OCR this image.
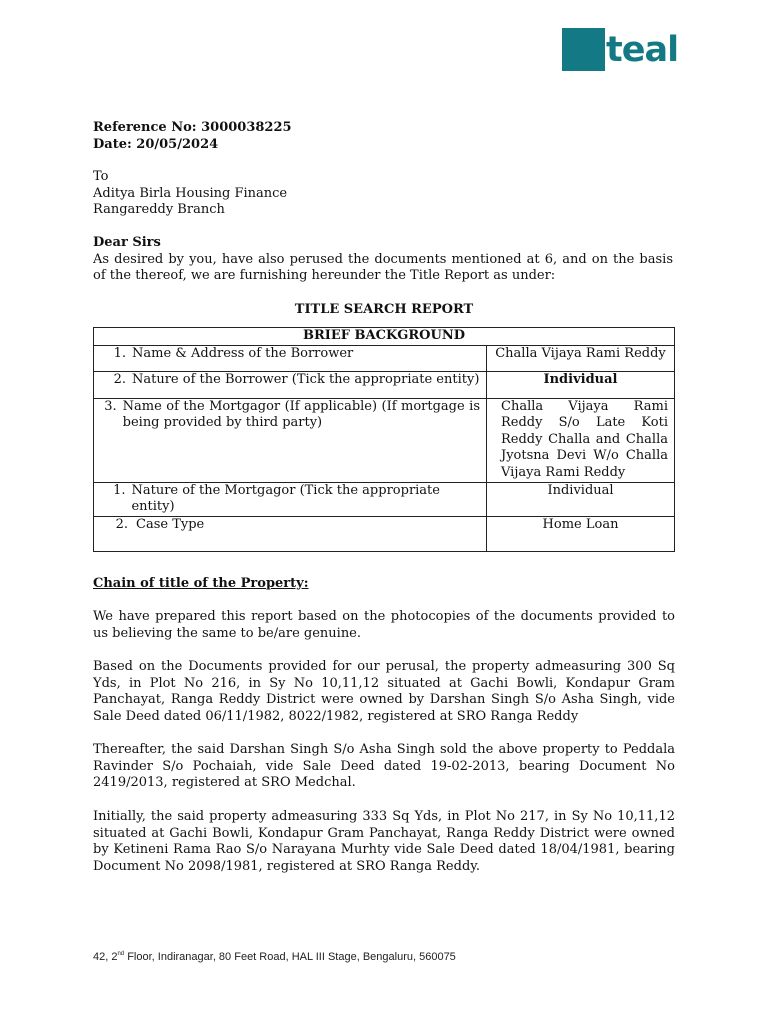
teal

Reference No: 3000038225

Date: 20/05/2024

To

Aditya Birla Housing Finance

Rangareddy Branch

Dear Sirs

As desired by you, have also perused the documents mentioned at 6, and on the basis of the thereof, we are furnishing hereunder the Title Report as under:

TITLE SEARCH REPORT
BRIEF BACKGROUND	

1. Name & Address of the Borrower	Challa Vijaya Rami Reddy

2. Nature of the Borrower (Tick the appropriate entity)	Individual

3. Name of the Mortgagor (If applicable) (If mortgage is being provided by third party)	Challa Vijaya Rami Reddy S/o Late Koti Reddy Challa and Challa Jyotsna Devi W/o Challa Vijaya Rami Reddy

1. Nature of the Mortgagor (Tick the appropriate entity)	Individual

2. Case Type	Home Loan

Chain of title of the Property:

We have prepared this report based on the photocopies of the documents provided to us believing the same to be/are genuine.
Based on the Documents provided for our perusal, the property admeasuring 300 Sq Yds, in Plot No 216, in Sy No 10,11,12 situated at Gachi Bowli, Kondapur Gram Panchayat, Ranga Reddy District were owned by Darshan Singh S/o Asha Singh, vide Sale Deed dated 06/11/1982, 8022/1982, registered at SRO Ranga Reddy
Thereafter, the said Darshan Singh S/o Asha Singh sold the above property to Peddala Ravinder S/o Pochaiah, vide Sale Deed dated 19-02-2013, bearing Document No 2419/2013, registered at SRO Medchal.
Initially, the said property admeasuring 333 Sq Yds, in Plot No 217, in Sy No 10,11,12 situated at Gachi Bowli, Kondapur Gram Panchayat, Ranga Reddy District were owned by Ketineni Rama Rao S/o Narayana Murhty vide Sale Deed dated 18/04/1981, bearing Document No 2098/1981, registered at SRO Ranga Reddy.
42, 2nd Floor, Indiranagar, 80 Feet Road, HAL III Stage, Bengaluru, 560075
